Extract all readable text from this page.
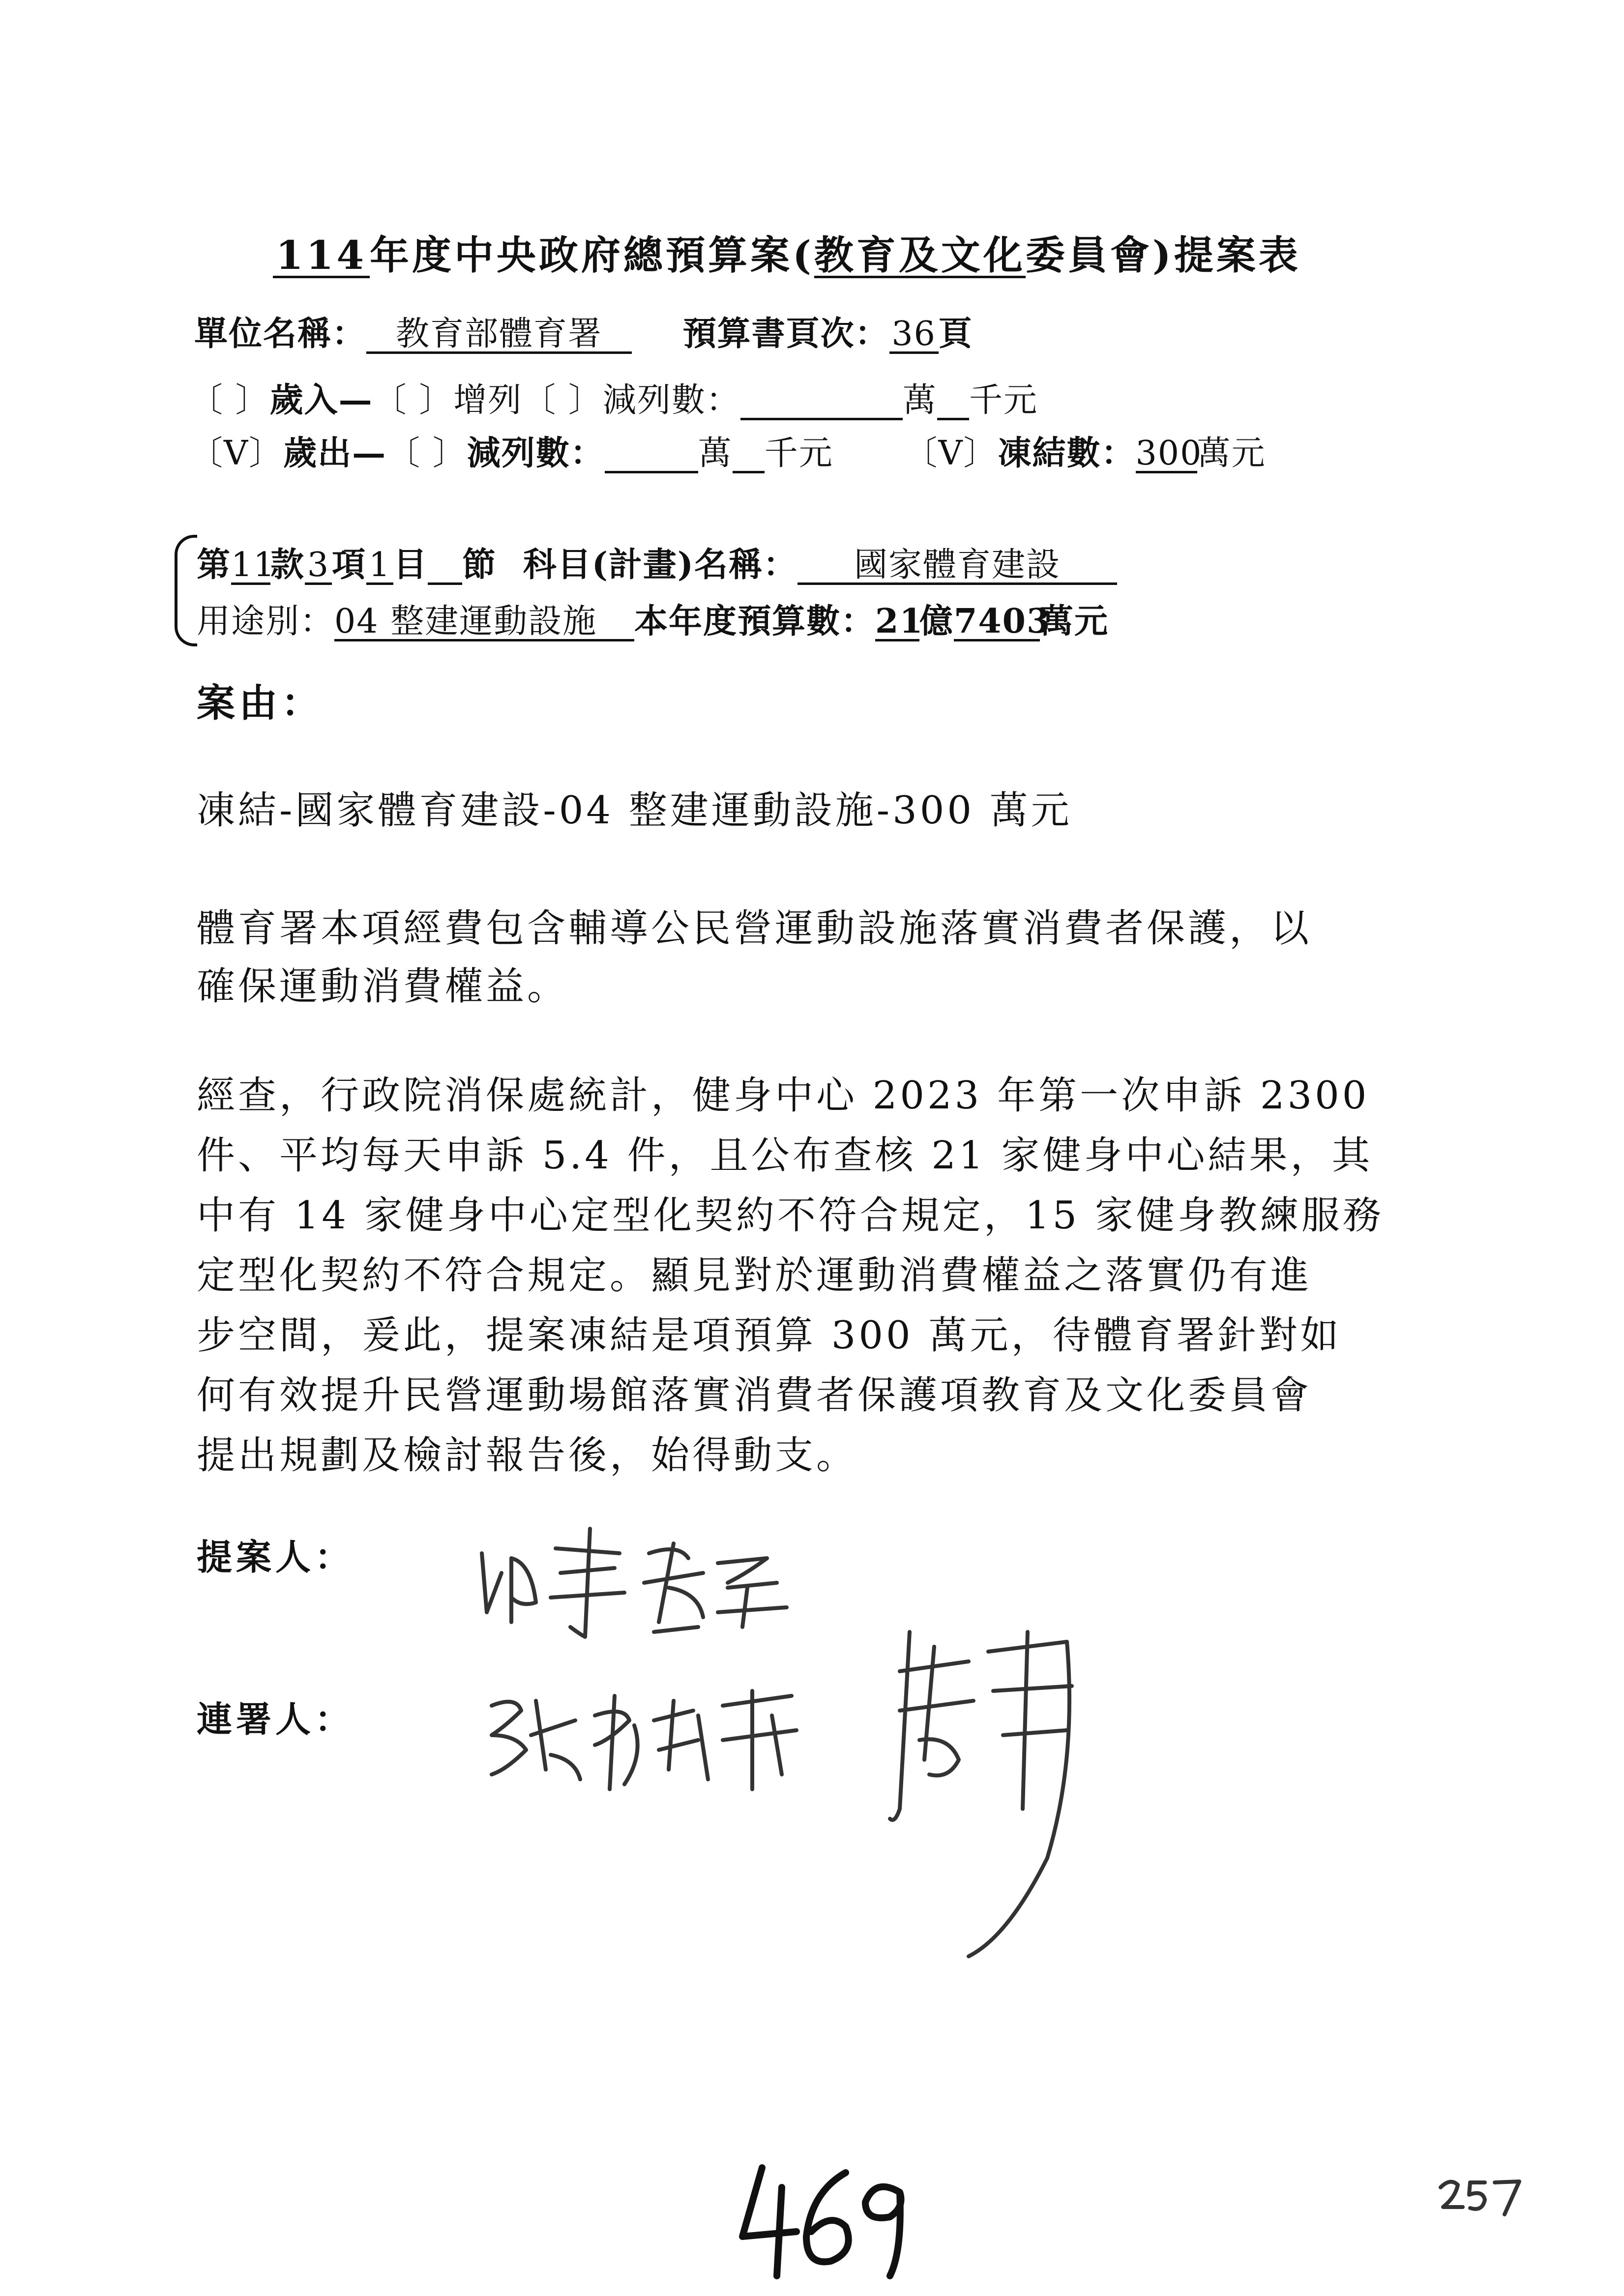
114年度中央政府總預算案(教育及文化委員會)提案表
單位名稱： 教育部體育署 預算書頁次：36頁
〔 〕歲入—〔 〕增列〔 〕減列數：	萬 千元
〔V〕歲出—〔 〕減列數：	萬 千元 〔V〕凍結數：300萬元
第11款3項1目 節 科目(計畫)名稱： 國家體育建設
用途別：04 整建運動設施 本年度預算數：21億7403萬元
案由：
凍結-國家體育建設-04 整建運動設施-300 萬元
體育署本項經費包含輔導公民營運動設施落實消費者保護，以
確保運動消費權益。
經查，行政院消保處統計，健身中心 2023 年第一次申訴 2300
件、平均每天申訴 5.4 件，且公布查核 21 家健身中心結果，其
中有 14 家健身中心定型化契約不符合規定，15 家健身教練服務
定型化契約不符合規定。顯見對於運動消費權益之落實仍有進
步空間，爰此，提案凍結是項預算 300 萬元，待體育署針對如
何有效提升民營運動場館落實消費者保護項教育及文化委員會
提出規劃及檢討報告後，始得動支。
提案人：
連署人：
